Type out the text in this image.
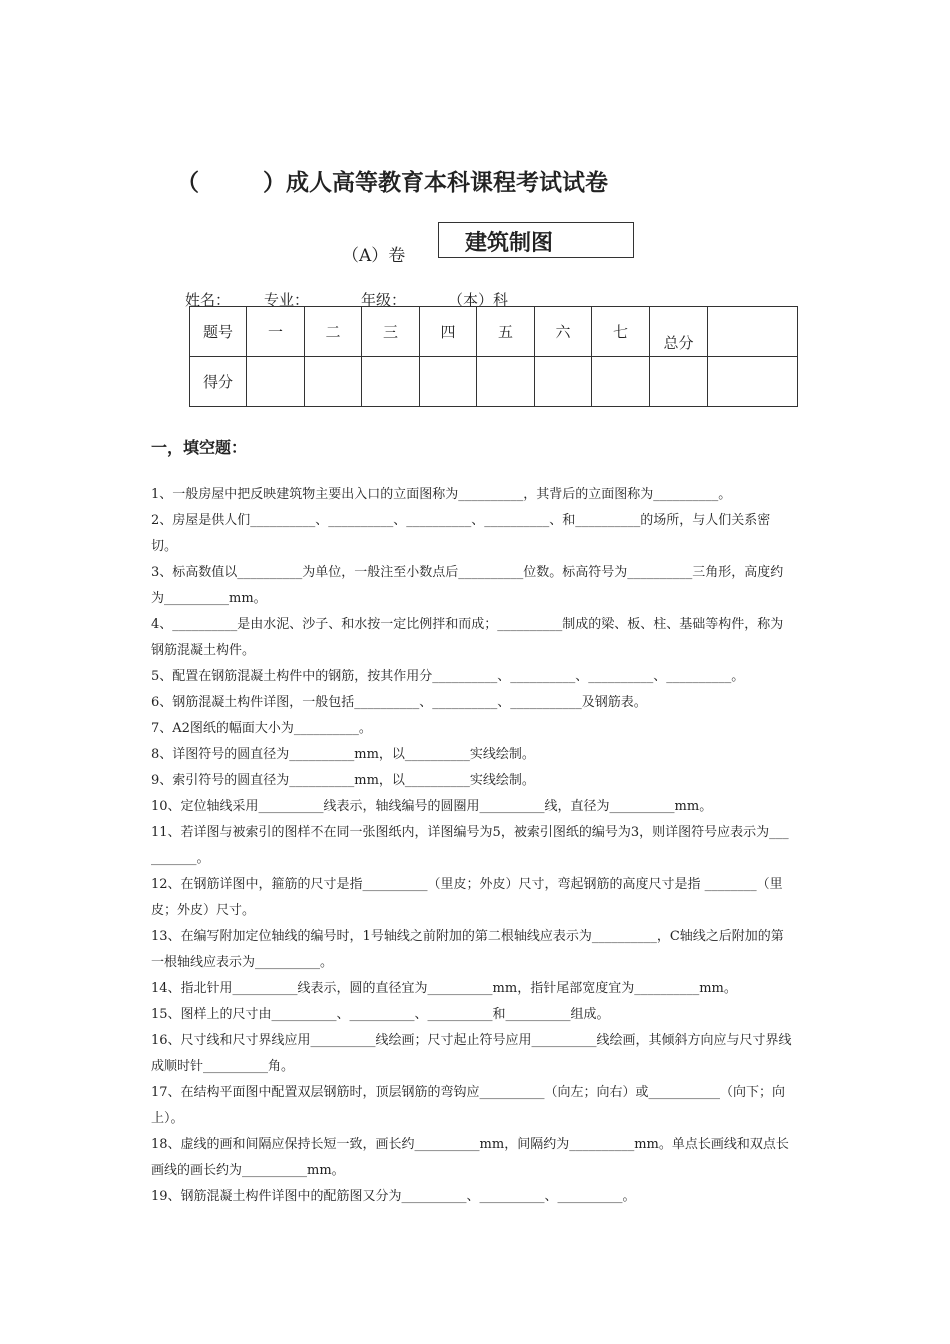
（        ）成人高等教育本科课程考试试卷
（A）卷	建筑制图
姓名： 专业：	年级：	（本）科
题号	一	二	三	四	五	六	七	总分	
得分									
一，填空题：

1、一般房屋中把反映建筑物主要出入口的立面图称为__________，其背后的立面图称为__________。

2、房屋是供人们__________、__________、__________、__________、和__________的场所，与人们关系密切。

3、标高数值以__________为单位，一般注至小数点后__________位数。标高符号为__________三角形，高度约为__________mm。

4、__________是由水泥、沙子、和水按一定比例拌和而成；__________制成的梁、板、柱、基础等构件，称为钢筋混凝土构件。

5、配置在钢筋混凝土构件中的钢筋，按其作用分__________、__________、__________、__________。

6、钢筋混凝土构件详图，一般包括__________、__________、___________及钢筋表。

7、A2图纸的幅面大小为__________。

8、详图符号的圆直径为__________mm，以__________实线绘制。

9、索引符号的圆直径为__________mm，以__________实线绘制。

10、定位轴线采用__________线表示，轴线编号的圆圈用__________线，直径为__________mm。

11、若详图与被索引的图样不在同一张图纸内，详图编号为5，被索引图纸的编号为3，则详图符号应表示为__________。

12、在钢筋详图中，箍筋的尺寸是指__________（里皮；外皮）尺寸，弯起钢筋的高度尺寸是指 ________（里皮；外皮）尺寸。

13、在编写附加定位轴线的编号时，1号轴线之前附加的第二根轴线应表示为__________，C轴线之后附加的第一根轴线应表示为__________。

14、指北针用__________线表示，圆的直径宜为__________mm，指针尾部宽度宜为__________mm。

15、图样上的尺寸由__________、__________、__________和__________组成。

16、尺寸线和尺寸界线应用__________线绘画；尺寸起止符号应用__________线绘画，其倾斜方向应与尺寸界线成顺时针__________角。

17、在结构平面图中配置双层钢筋时，顶层钢筋的弯钩应__________（向左；向右）或___________（向下；向上）。

18、虚线的画和间隔应保持长短一致，画长约__________mm，间隔约为__________mm。单点长画线和双点长画线的画长约为__________mm。

19、钢筋混凝土构件详图中的配筋图又分为__________、__________、__________。
